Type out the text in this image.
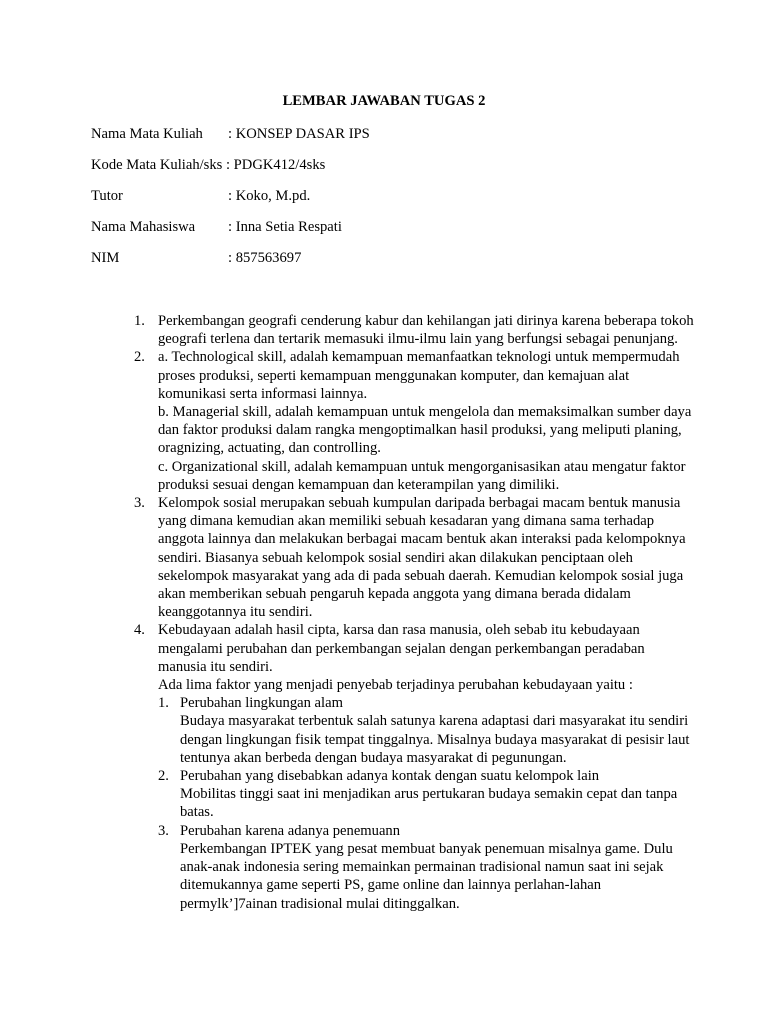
LEMBAR JAWABAN TUGAS 2
Nama Mata Kuliah : KONSEP DASAR IPS
Kode Mata Kuliah/sks : PDGK412/4sks
Tutor	: Koko, M.pd.
Nama Mahasiswa : Inna Setia Respati
NIM	: 857563697
1. Perkembangan geografi cenderung kabur dan kehilangan jati dirinya karena beberapa tokoh geografi terlena dan tertarik memasuki ilmu-ilmu lain yang berfungsi sebagai penunjang.
2. a. Technological skill, adalah kemampuan memanfaatkan teknologi untuk mempermudah proses produksi, seperti kemampuan menggunakan komputer, dan kemajuan alat komunikasi serta informasi lainnya.
b. Managerial skill, adalah kemampuan untuk mengelola dan memaksimalkan sumber daya dan faktor produksi dalam rangka mengoptimalkan hasil produksi, yang meliputi planing, oragnizing, actuating, dan controlling.
c. Organizational skill, adalah kemampuan untuk mengorganisasikan atau mengatur faktor produksi sesuai dengan kemampuan dan keterampilan yang dimiliki.
3. Kelompok sosial merupakan sebuah kumpulan daripada berbagai macam bentuk manusia yang dimana kemudian akan memiliki sebuah kesadaran yang dimana sama terhadap anggota lainnya dan melakukan berbagai macam bentuk akan interaksi pada kelompoknya sendiri. Biasanya sebuah kelompok sosial sendiri akan dilakukan penciptaan oleh sekelompok masyarakat yang ada di pada sebuah daerah. Kemudian kelompok sosial juga akan memberikan sebuah pengaruh kepada anggota yang dimana berada didalam keanggotannya itu sendiri.
4. Kebudayaan adalah hasil cipta, karsa dan rasa manusia, oleh sebab itu kebudayaan mengalami perubahan dan perkembangan sejalan dengan perkembangan peradaban manusia itu sendiri.
Ada lima faktor yang menjadi penyebab terjadinya perubahan kebudayaan yaitu :
1. Perubahan lingkungan alam
Budaya masyarakat terbentuk salah satunya karena adaptasi dari masyarakat itu sendiri dengan lingkungan fisik tempat tinggalnya. Misalnya budaya masyarakat di pesisir laut tentunya akan berbeda dengan budaya masyarakat di pegunungan.
2. Perubahan yang disebabkan adanya kontak dengan suatu kelompok lain
Mobilitas tinggi saat ini menjadikan arus pertukaran budaya semakin cepat dan tanpa batas.
3. Perubahan karena adanya penemuann
Perkembangan IPTEK yang pesat membuat banyak penemuan misalnya game. Dulu anak-anak indonesia sering memainkan permainan tradisional namun saat ini sejak ditemukannya game seperti PS, game online dan lainnya perlahan-lahan permylk’]7ainan tradisional mulai ditinggalkan.
